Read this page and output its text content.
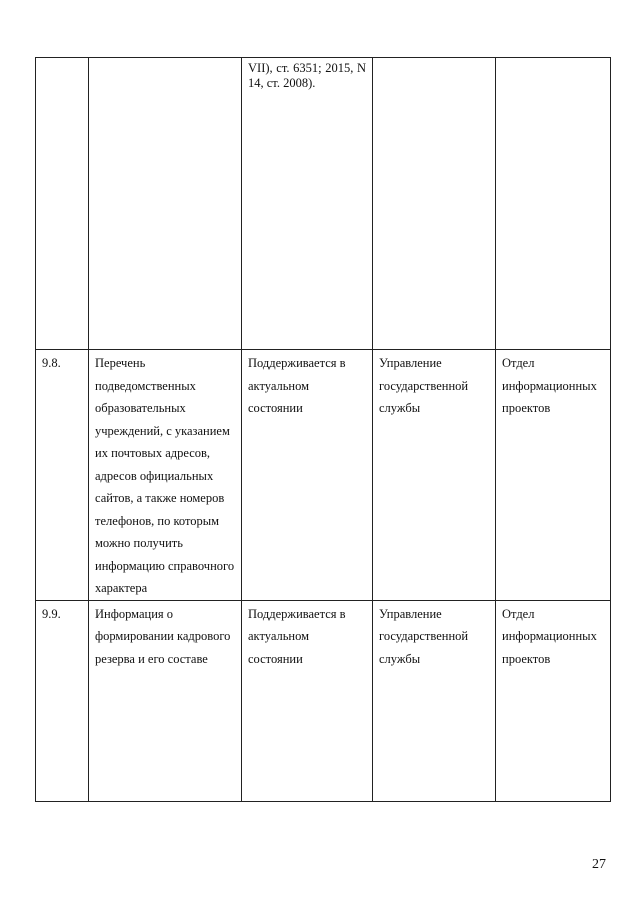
		VII), ст. 6351; 2015, N 14, ст. 2008).		
9.8.	Перечень подведомственных образовательных учреждений, с указанием их почтовых адресов, адресов официальных сайтов, а также номеров телефонов, по которым можно получить информацию справочного характера	Поддерживается в актуальном состоянии	Управление государственной службы	Отдел информационных проектов
9.9.	Информация о формировании кадрового резерва и его составе	Поддерживается в актуальном состоянии	Управление государственной службы	Отдел информационных проектов
27
